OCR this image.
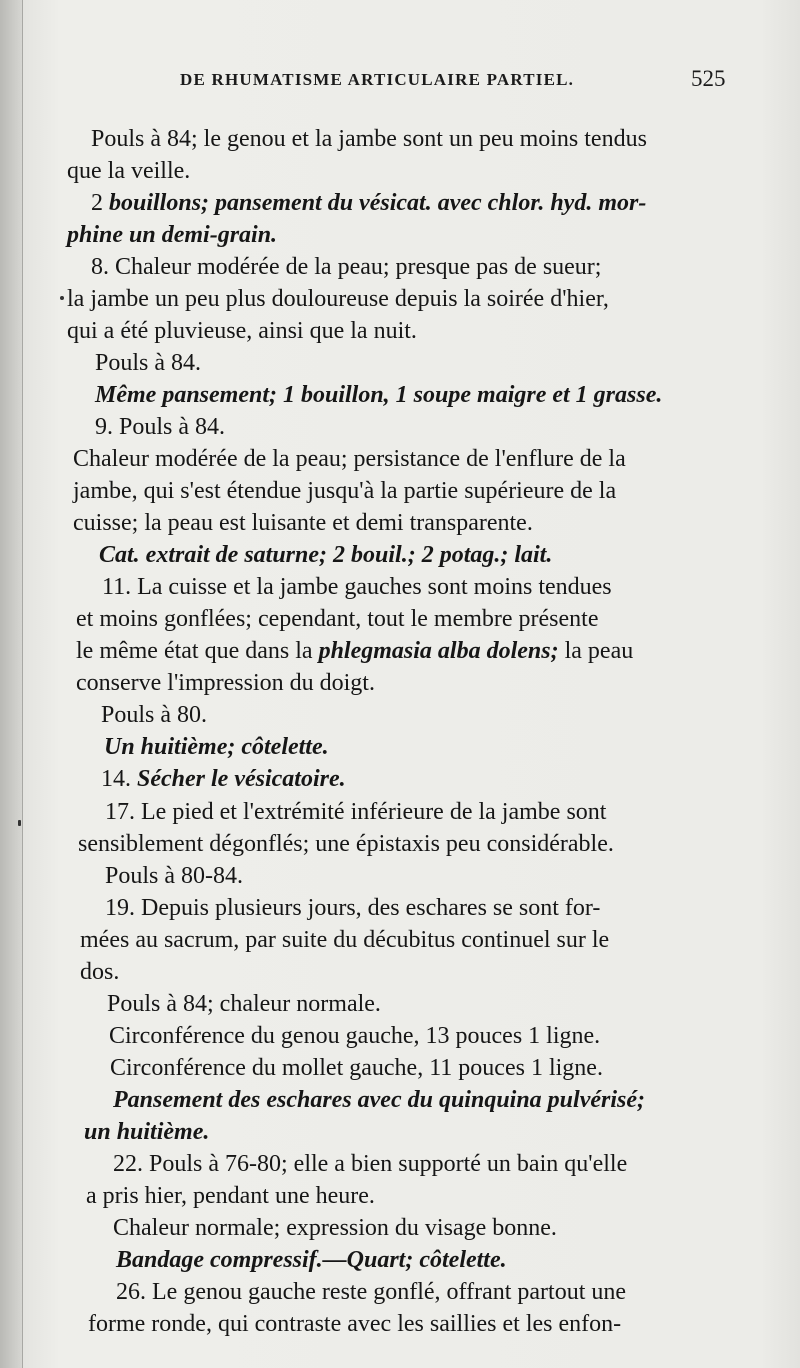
DE RHUMATISME ARTICULAIRE PARTIEL.	525
Pouls à 84; le genou et la jambe sont un peu moins tendus
que la veille.
2 bouillons; pansement du vésicat. avec chlor. hyd. mor-
phine un demi-grain.
8. Chaleur modérée de la peau; presque pas de sueur;
la jambe un peu plus douloureuse depuis la soirée d'hier,
qui a été pluvieuse, ainsi que la nuit.
Pouls à 84.
Même pansement; 1 bouillon, 1 soupe maigre et 1 grasse.
9. Pouls à 84.
Chaleur modérée de la peau; persistance de l'enflure de la
jambe, qui s'est étendue jusqu'à la partie supérieure de la
cuisse; la peau est luisante et demi transparente.
Cat. extrait de saturne; 2 bouil.; 2 potag.; lait.
11. La cuisse et la jambe gauches sont moins tendues
et moins gonflées; cependant, tout le membre présente
le même état que dans la phlegmasia alba dolens; la peau
conserve l'impression du doigt.
Pouls à 80.
Un huitième; côtelette.
14. Sécher le vésicatoire.
17. Le pied et l'extrémité inférieure de la jambe sont
sensiblement dégonflés; une épistaxis peu considérable.
Pouls à 80-84.
19. Depuis plusieurs jours, des eschares se sont for-
mées au sacrum, par suite du décubitus continuel sur le
dos.
Pouls à 84; chaleur normale.
Circonférence du genou gauche, 13 pouces 1 ligne.
Circonférence du mollet gauche, 11 pouces 1 ligne.
Pansement des eschares avec du quinquina pulvérisé;
un huitième.
22. Pouls à 76-80; elle a bien supporté un bain qu'elle
a pris hier, pendant une heure.
Chaleur normale; expression du visage bonne.
Bandage compressif.—Quart; côtelette.
26. Le genou gauche reste gonflé, offrant partout une
forme ronde, qui contraste avec les saillies et les enfon-
